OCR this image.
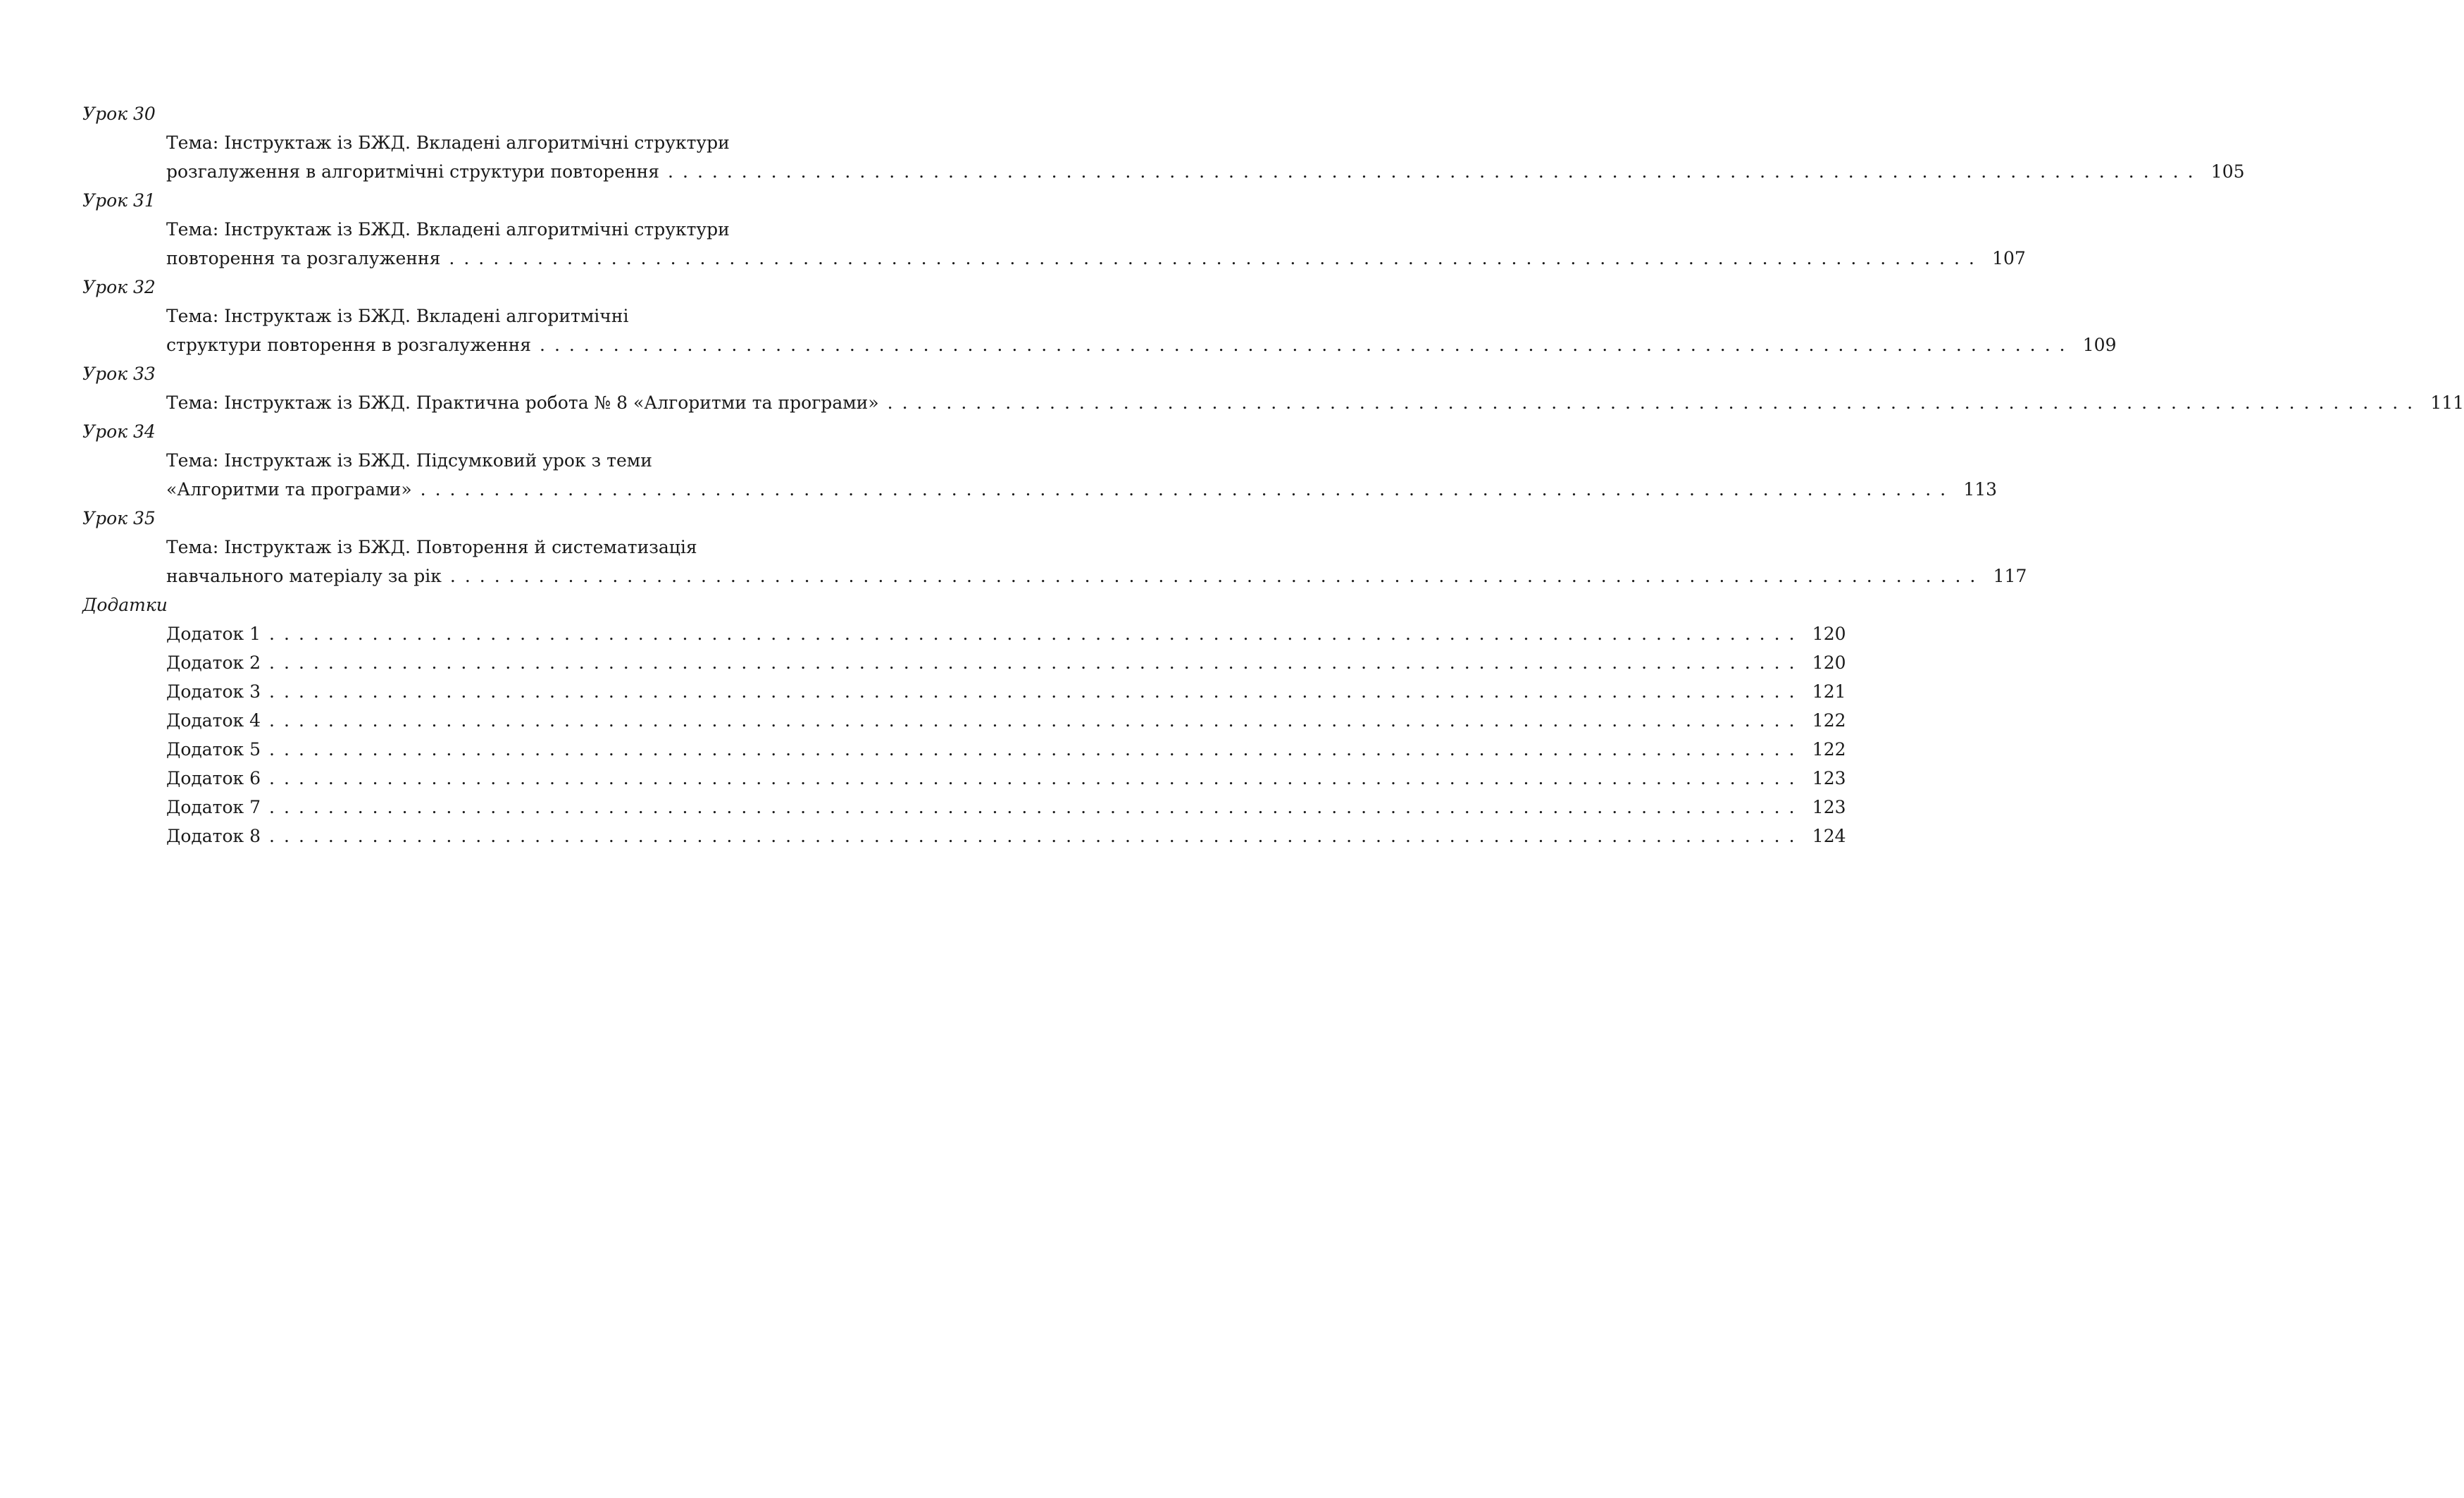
Урок 30
Тема: Інструктаж із БЖД. Вкладені алгоритмічні структури
розгалуження в алгоритмічні структури повторення ........................................................................................................ 105
Урок 31
Тема: Інструктаж із БЖД. Вкладені алгоритмічні структури
повторення та розгалуження ........................................................................................................ 107
Урок 32
Тема: Інструктаж із БЖД. Вкладені алгоритмічні
структури повторення в розгалуження ........................................................................................................ 109
Урок 33
Тема: Інструктаж із БЖД. Практична робота № 8 «Алгоритми та програми» ........................................................................................................ 111
Урок 34
Тема: Інструктаж із БЖД. Підсумковий урок з теми
«Алгоритми та програми» ........................................................................................................ 113
Урок 35
Тема: Інструктаж із БЖД. Повторення й систематизація
навчального матеріалу за рік ........................................................................................................ 117
Додатки
Додаток 1 ........................................................................................................ 120
Додаток 2 ........................................................................................................ 120
Додаток 3 ........................................................................................................ 121
Додаток 4 ........................................................................................................ 122
Додаток 5 ........................................................................................................ 122
Додаток 6 ........................................................................................................ 123
Додаток 7 ........................................................................................................ 123
Додаток 8 ........................................................................................................ 124
